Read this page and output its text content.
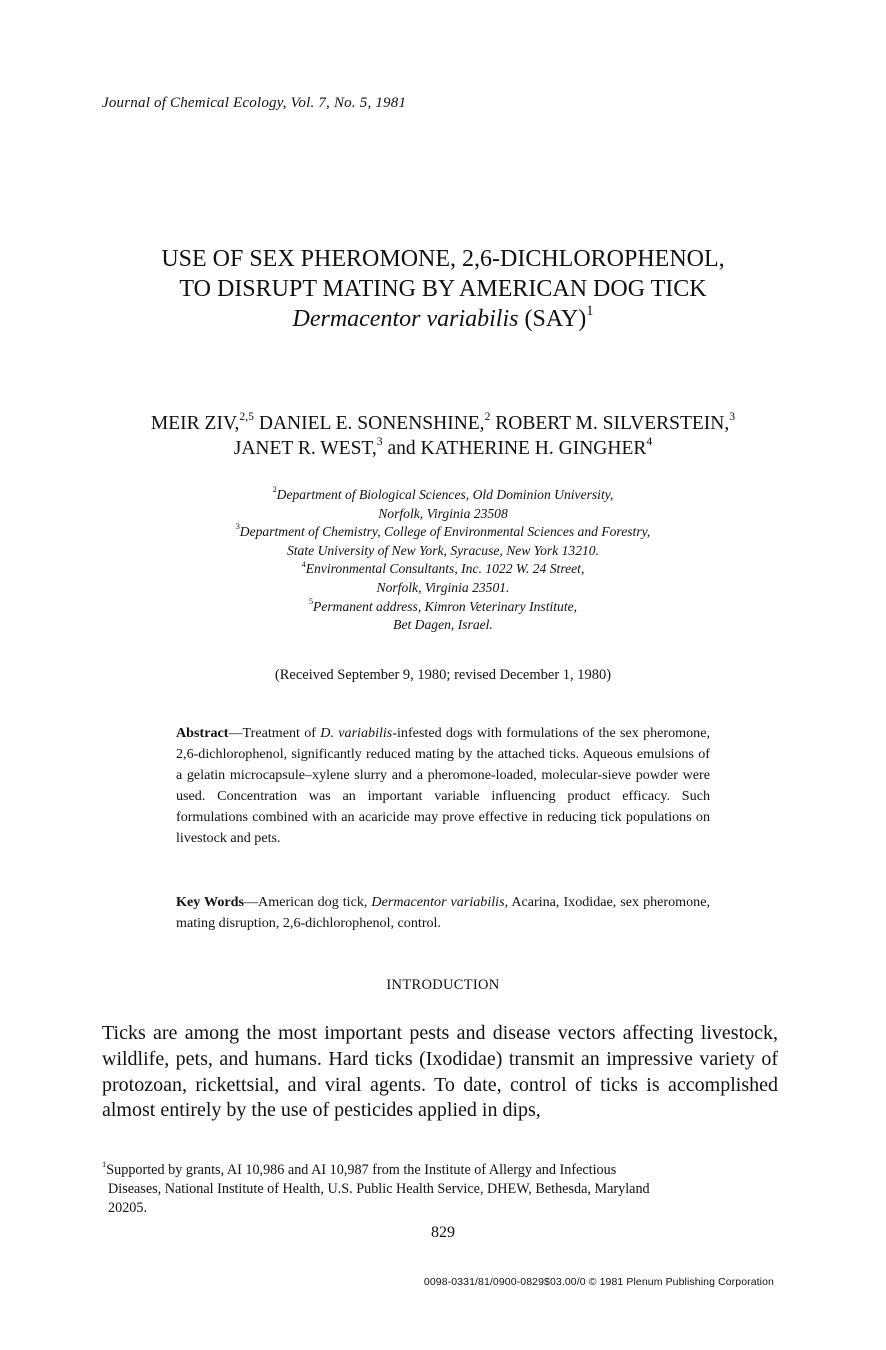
Journal of Chemical Ecology, Vol. 7, No. 5, 1981
USE OF SEX PHEROMONE, 2,6-DICHLOROPHENOL,
TO DISRUPT MATING BY AMERICAN DOG TICK
Dermacentor variabilis (SAY)$^1$
MEIR ZIV,$^{2,5}$ DANIEL E. SONENSHINE,$^2$ ROBERT M. SILVERSTEIN,$^3$
JANET R. WEST,$^3$ and KATHERINE H. GINGHER$^4$
$^2$Department of Biological Sciences, Old Dominion University,
Norfolk, Virginia 23508
$^3$Department of Chemistry, College of Environmental Sciences and Forestry,
State University of New York, Syracuse, New York 13210.
$^4$Environmental Consultants, Inc. 1022 W. 24 Street,
Norfolk, Virginia 23501.
$^5$Permanent address, Kimron Veterinary Institute,
Bet Dagen, Israel.
(Received September 9, 1980; revised December 1, 1980)
Abstract—Treatment of D. variabilis-infested dogs with formulations of the sex pheromone, 2,6-dichlorophenol, significantly reduced mating by the attached ticks. Aqueous emulsions of a gelatin microcapsule–xylene slurry and a pheromone-loaded, molecular-sieve powder were used. Concentration was an important variable influencing product efficacy. Such formulations combined with an acaricide may prove effective in reducing tick populations on livestock and pets.
Key Words—American dog tick, Dermacentor variabilis, Acarina, Ixodidae, sex pheromone, mating disruption, 2,6-dichlorophenol, control.
INTRODUCTION
Ticks are among the most important pests and disease vectors affecting livestock, wildlife, pets, and humans. Hard ticks (Ixodidae) transmit an impressive variety of protozoan, rickettsial, and viral agents. To date, control of ticks is accomplished almost entirely by the use of pesticides applied in dips,
$^1$Supported by grants, AI 10,986 and AI 10,987 from the Institute of Allergy and Infectious
Diseases, National Institute of Health, U.S. Public Health Service, DHEW, Bethesda, Maryland
20205.
829
0098-0331/81/0900-0829$03.00/0 © 1981 Plenum Publishing Corporation
